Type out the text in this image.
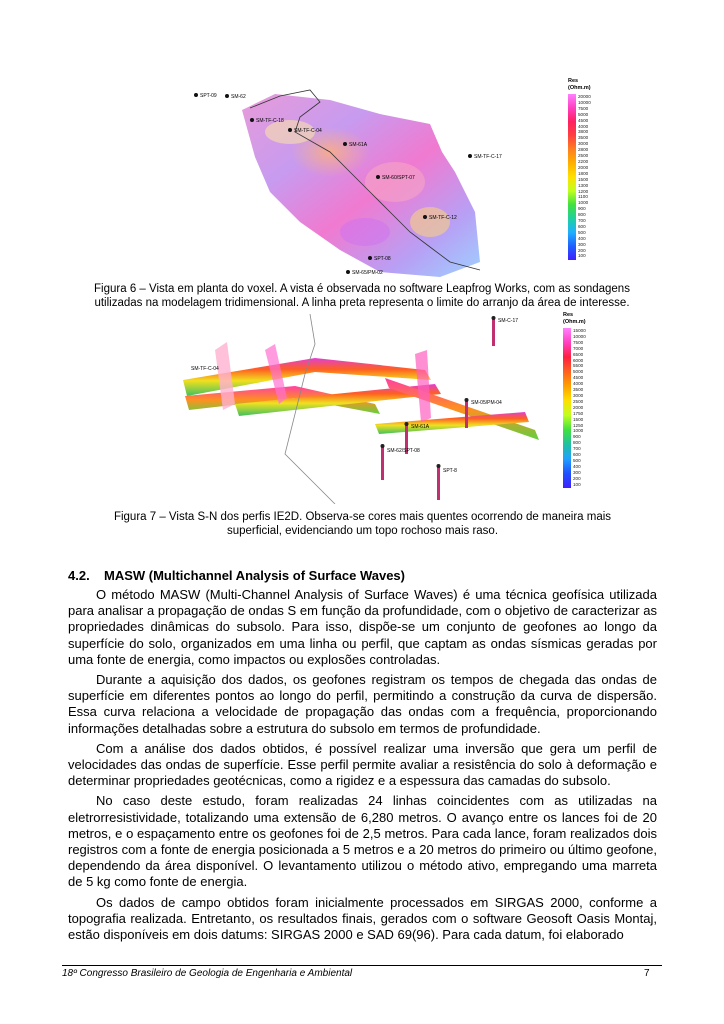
SPT-09	SM-62
SM-TF-C-18
SM-TF-C-04
SM-61A
SM-TF-C-17
SM-60/SPT-07
SM-TF-C-12
SPT-08
SM-65/PM-02
Res (Ohm.m)
20000
10000
7500
5000
4500
4000
3800
3500
3000
2800
2500
2200
2000
1800
1500
1300
1200
1100
1000
900
800
700
600
500
400
300
200
100
Figura 6 – Vista em planta do voxel. A vista é observada no software Leapfrog Works, com as sondagens utilizadas na modelagem tridimensional. A linha preta representa o limite do arranjo da área de interesse.
SM-C-17
SM-62/SPT-08
SM-61A
SPT-8
SM-05/PM-04
SM-TF-C-04
Res (Ohm.m)
15000
10000
7500
7000
6500
6000
5500
5000
4500
4000
3500
3000
2500
2000
1750
1500
1250
1000
900
800
700
600
500
400
300
200
100
Figura 7 – Vista S-N dos perfis IE2D. Observa-se cores mais quentes ocorrendo de maneira mais superficial, evidenciando um topo rochoso mais raso.
4.2. MASW (Multichannel Analysis of Surface Waves)

O método MASW (Multi-Channel Analysis of Surface Waves) é uma técnica geofísica utilizada para analisar a propagação de ondas S em função da profundidade, com o objetivo de caracterizar as propriedades dinâmicas do subsolo. Para isso, dispõe-se um conjunto de geofones ao longo da superfície do solo, organizados em uma linha ou perfil, que captam as ondas sísmicas geradas por uma fonte de energia, como impactos ou explosões controladas.

Durante a aquisição dos dados, os geofones registram os tempos de chegada das ondas de superfície em diferentes pontos ao longo do perfil, permitindo a construção da curva de dispersão. Essa curva relaciona a velocidade de propagação das ondas com a frequência, proporcionando informações detalhadas sobre a estrutura do subsolo em termos de profundidade.

Com a análise dos dados obtidos, é possível realizar uma inversão que gera um perfil de velocidades das ondas de superfície. Esse perfil permite avaliar a resistência do solo à deformação e determinar propriedades geotécnicas, como a rigidez e a espessura das camadas do subsolo.

No caso deste estudo, foram realizadas 24 linhas coincidentes com as utilizadas na eletrorresistividade, totalizando uma extensão de 6,280 metros. O avanço entre os lances foi de 20 metros, e o espaçamento entre os geofones foi de 2,5 metros. Para cada lance, foram realizados dois registros com a fonte de energia posicionada a 5 metros e a 20 metros do primeiro ou último geofone, dependendo da área disponível. O levantamento utilizou o método ativo, empregando uma marreta de 5 kg como fonte de energia.

Os dados de campo obtidos foram inicialmente processados em SIRGAS 2000, conforme a topografia realizada. Entretanto, os resultados finais, gerados com o software Geosoft Oasis Montaj, estão disponíveis em dois datums: SIRGAS 2000 e SAD 69(96). Para cada datum, foi elaborado

18º Congresso Brasileiro de Geologia de Engenharia e Ambiental	7
